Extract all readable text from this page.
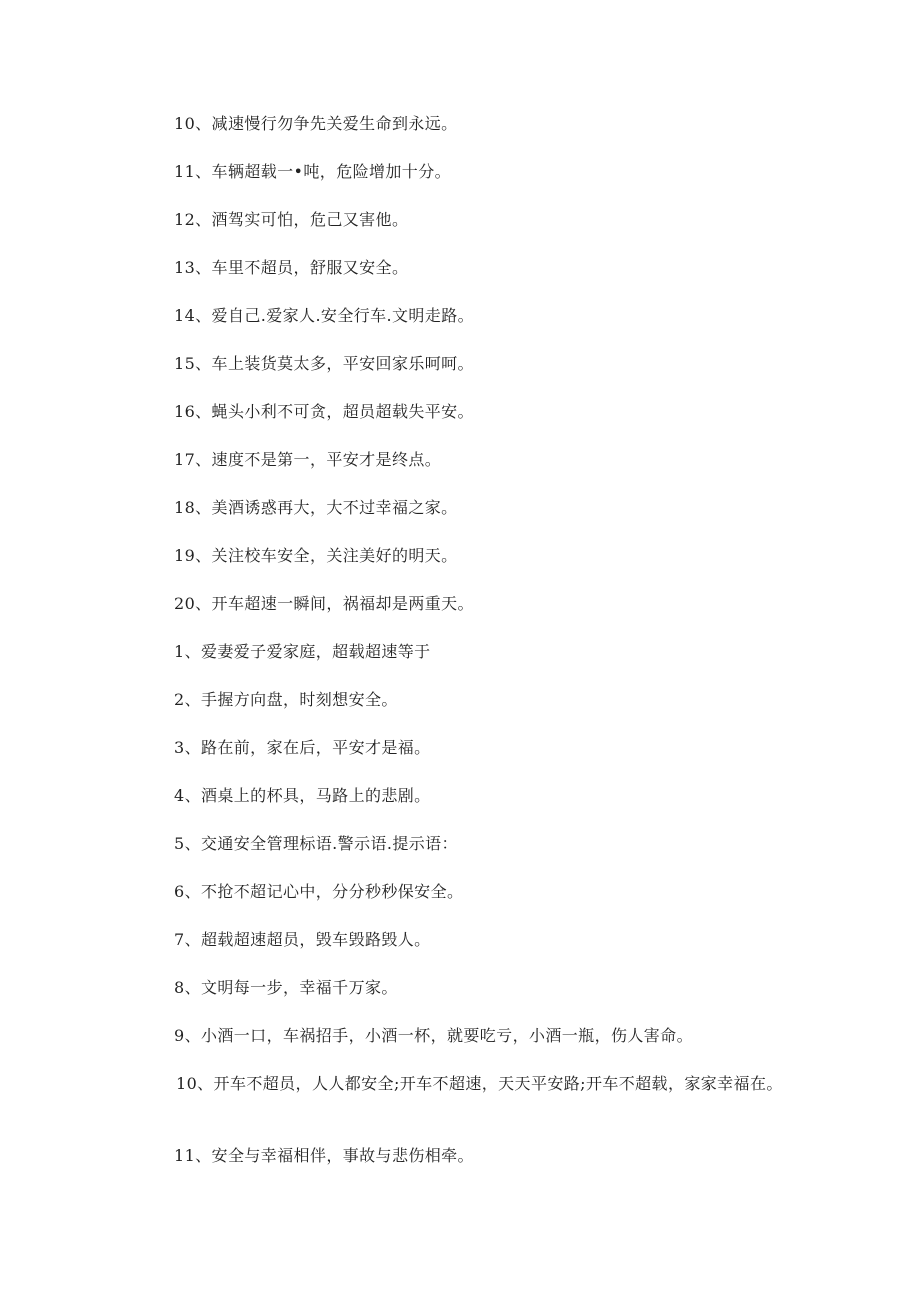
10、减速慢行勿争先关爱生命到永远。
11、车辆超载一•吨，危险增加十分。
12、酒驾实可怕，危己又害他。
13、车里不超员，舒服又安全。
14、爱自己.爱家人.安全行车.文明走路。
15、车上装货莫太多，平安回家乐呵呵。
16、蝇头小利不可贪，超员超载失平安。
17、速度不是第一，平安才是终点。
18、美酒诱惑再大，大不过幸福之家。
19、关注校车安全，关注美好的明天。
20、开车超速一瞬间，祸福却是两重天。
1、爱妻爱子爱家庭，超载超速等于
2、手握方向盘，时刻想安全。
3、路在前，家在后，平安才是福。
4、酒桌上的杯具，马路上的悲剧。
5、交通安全管理标语.警示语.提示语：
6、不抢不超记心中，分分秒秒保安全。
7、超载超速超员，毁车毁路毁人。
8、文明每一步，幸福千万家。
9、小酒一口，车祸招手，小酒一杯，就要吃亏，小酒一瓶，伤人害命。
10、开车不超员，人人都安全;开车不超速，天天平安路;开车不超载，家家幸福在。
11、安全与幸福相伴，事故与悲伤相牵。
